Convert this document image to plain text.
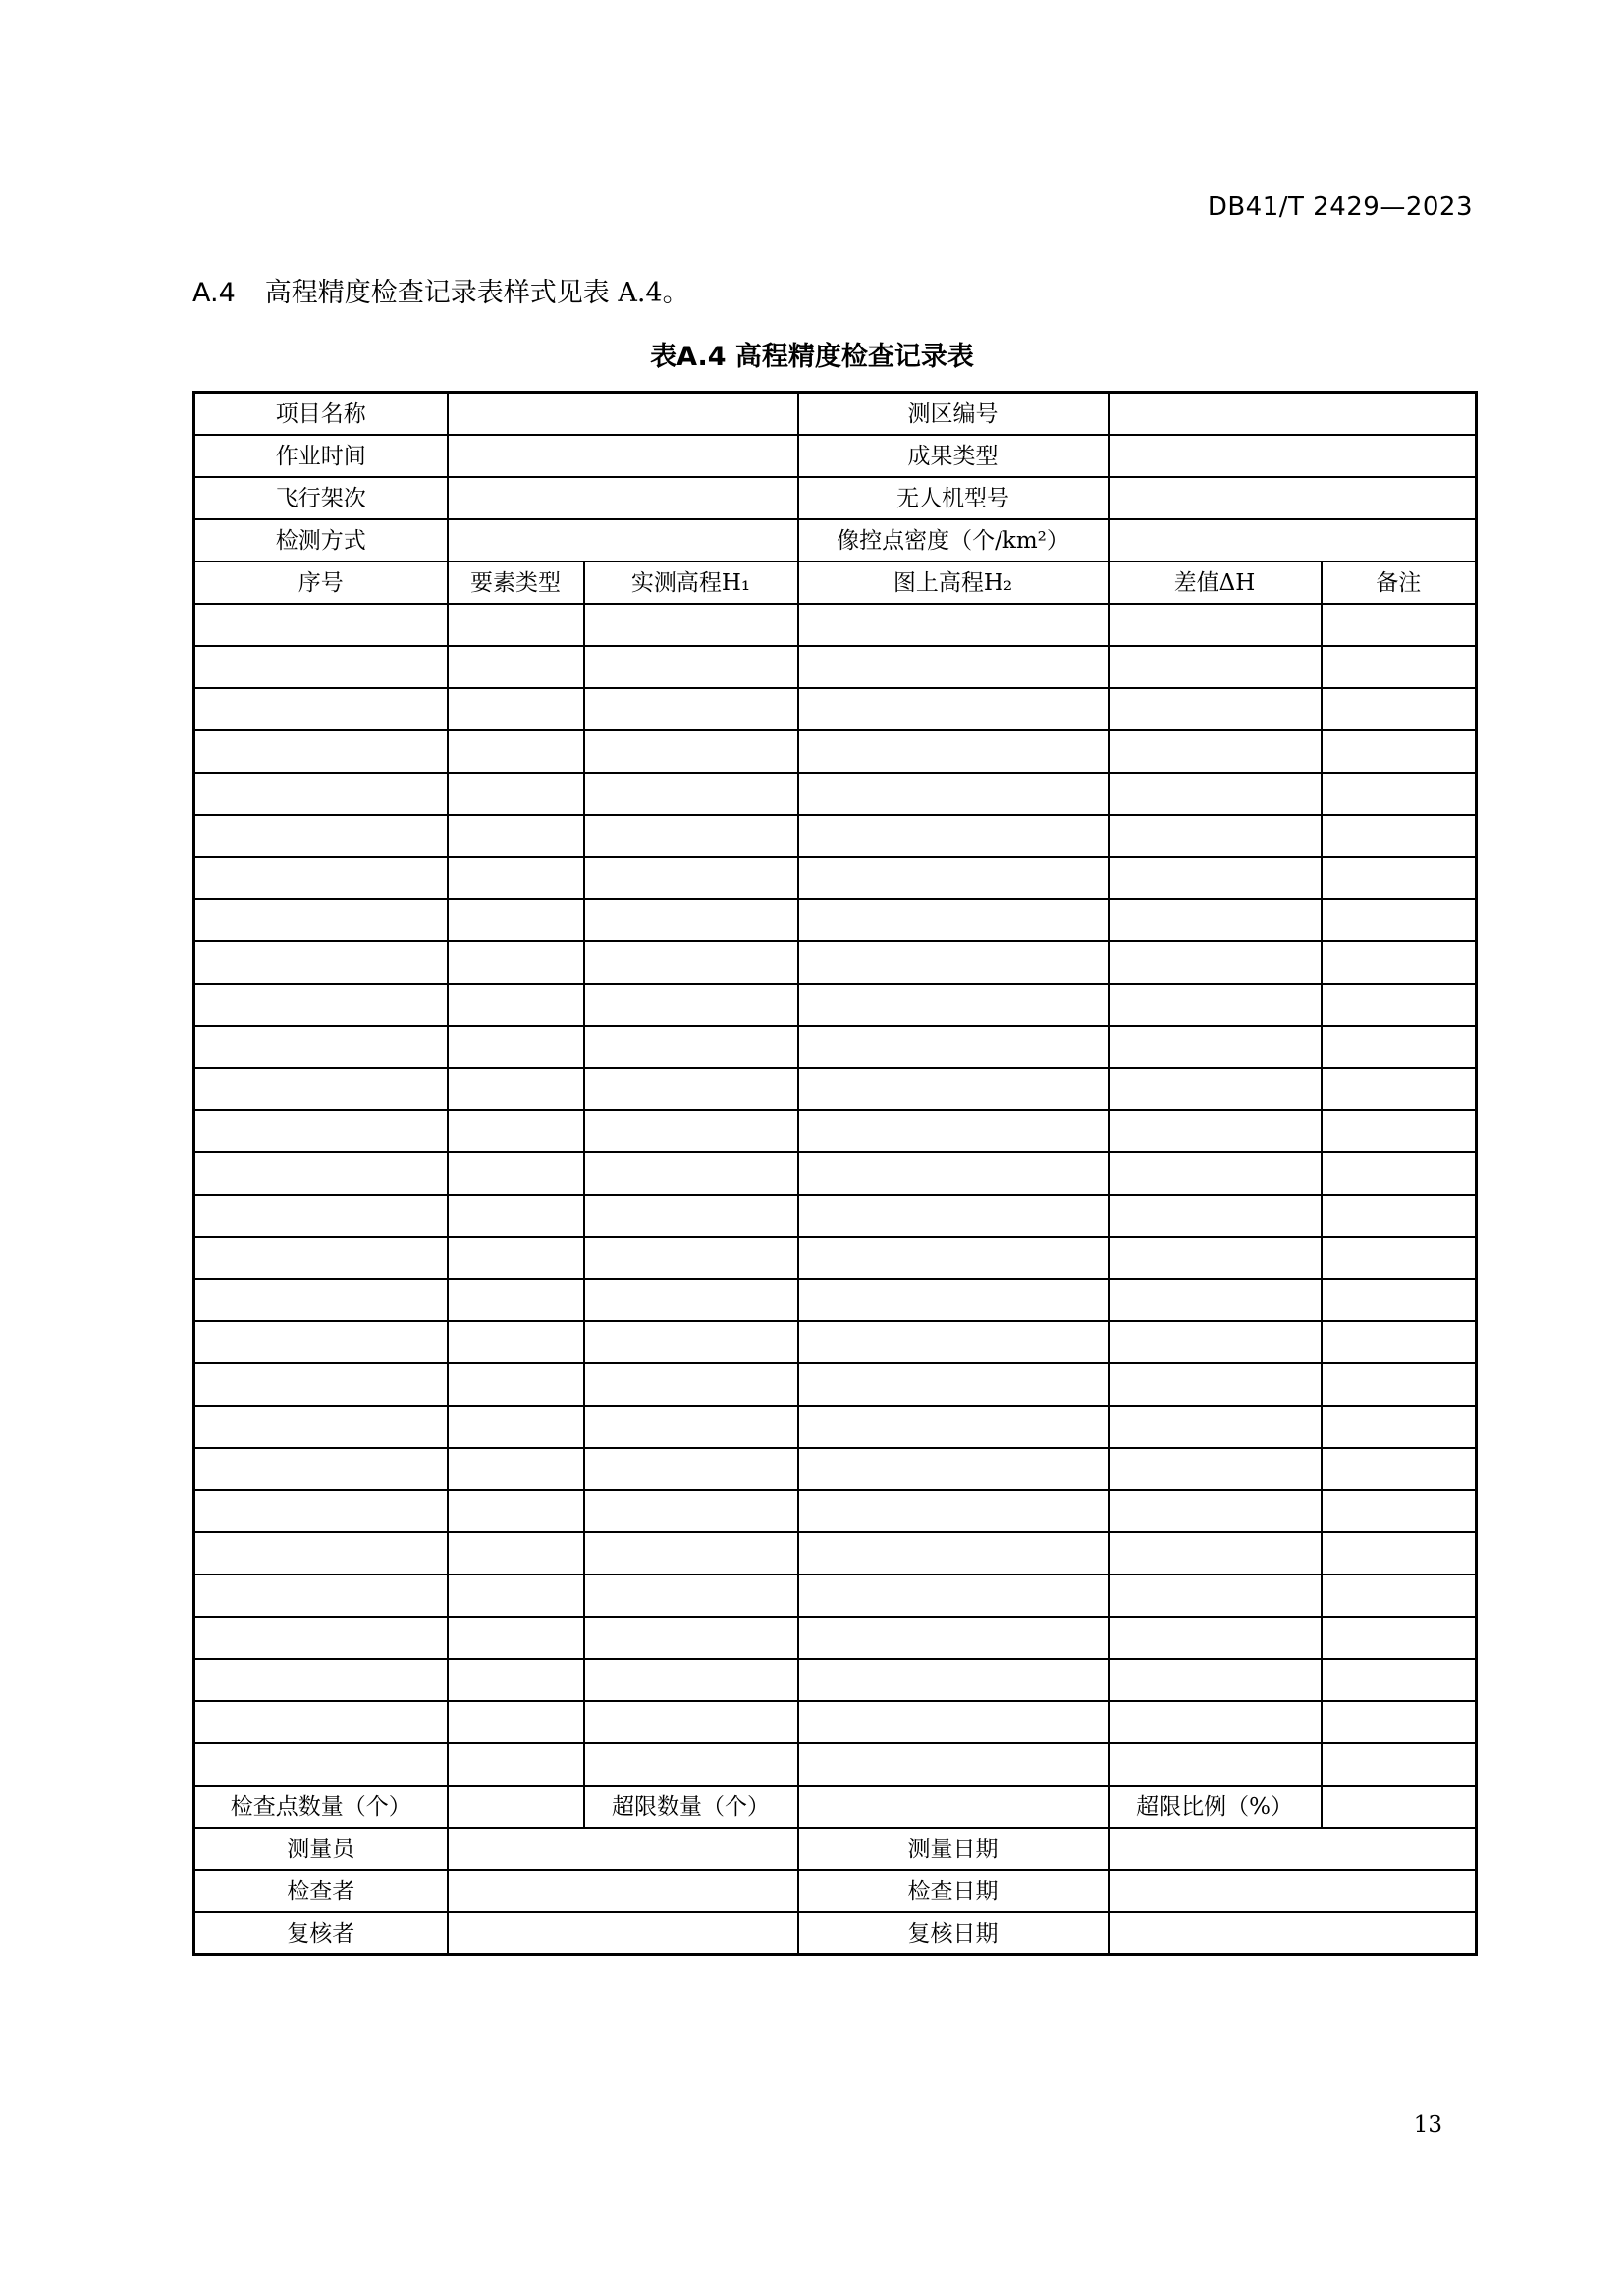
DB41/T 2429—2023
A.4 高程精度检查记录表样式见表 A.4。
表A.4 高程精度检查记录表
项目名称			测区编号		
作业时间			成果类型		
飞行架次			无人机型号		
检测方式			像控点密度（个/km²）		
序号	要素类型	实测高程H₁	图上高程H₂	差值ΔH	备注

检查点数量（个）		超限数量（个）		超限比例（%）	
测量员			测量日期		
检查者			检查日期		
复核者			复核日期		
13
